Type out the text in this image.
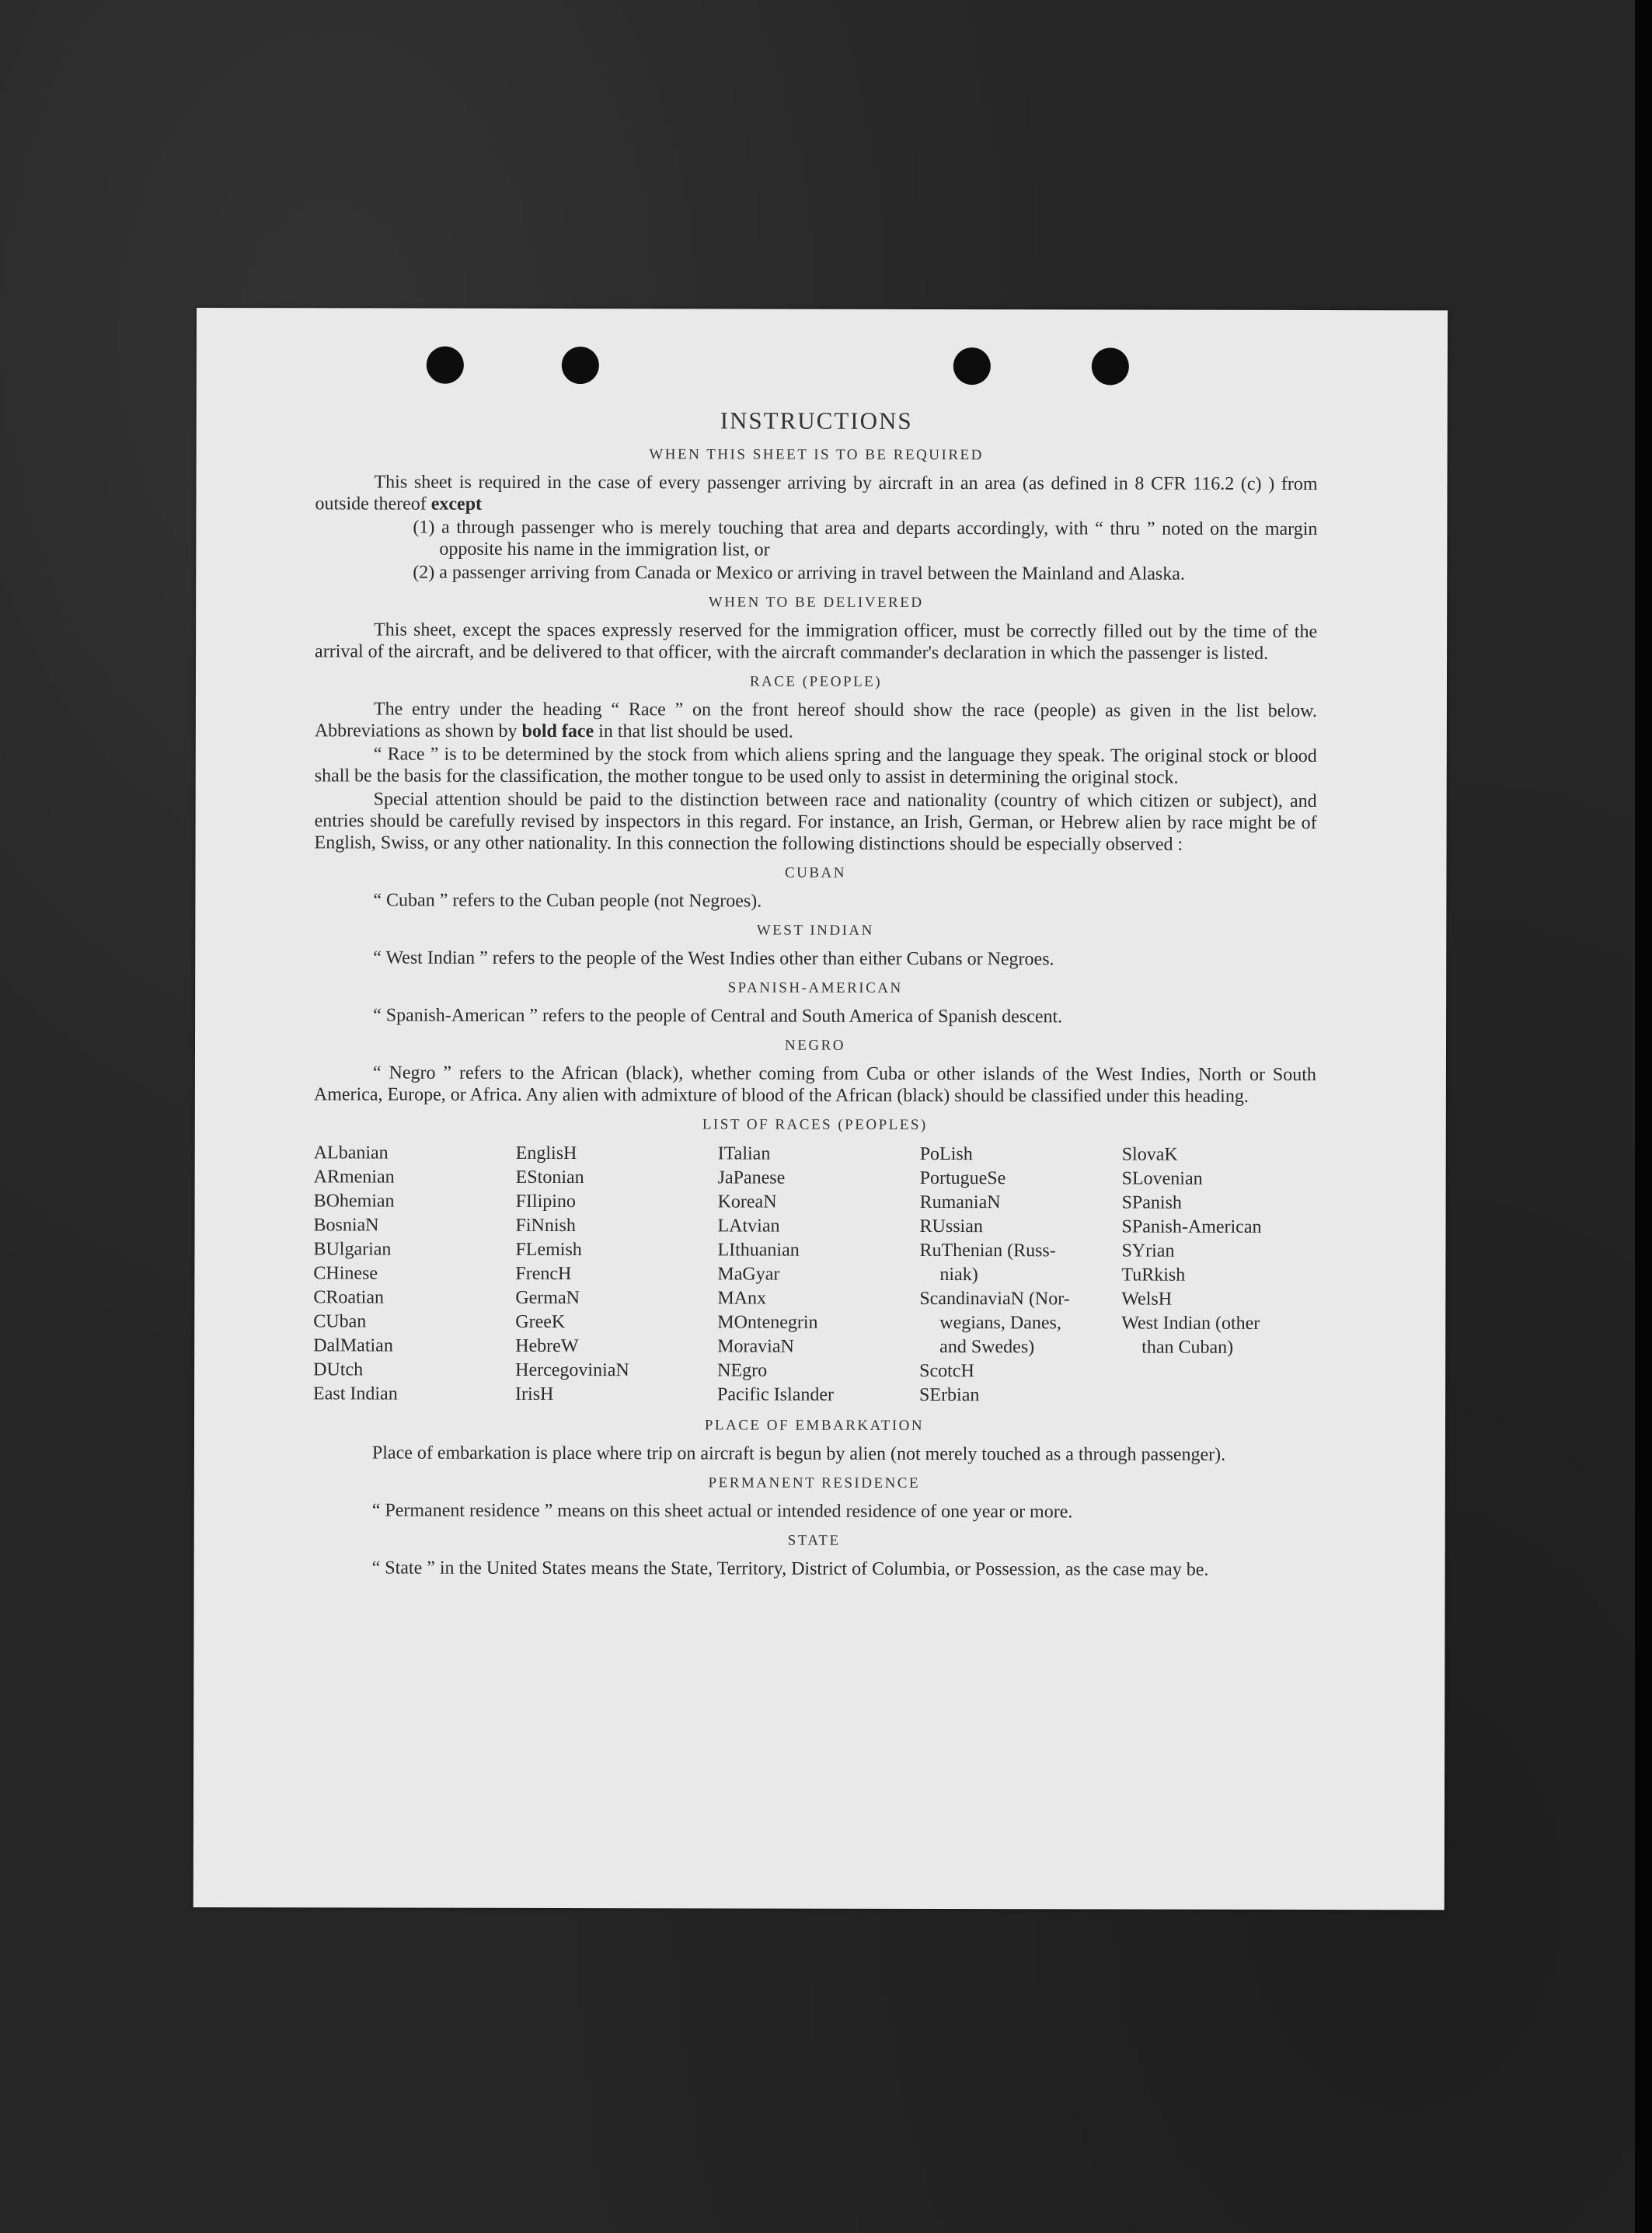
INSTRUCTIONS
WHEN THIS SHEET IS TO BE REQUIRED

This sheet is required in the case of every passenger arriving by aircraft in an area (as defined in 8 CFR 116.2 (c) ) from outside thereof except

(1) a through passenger who is merely touching that area and departs accordingly, with “ thru ” noted on the margin opposite his name in the immigration list, or

(2) a passenger arriving from Canada or Mexico or arriving in travel between the Mainland and Alaska.

WHEN TO BE DELIVERED

This sheet, except the spaces expressly reserved for the immigration officer, must be correctly filled out by the time of the arrival of the aircraft, and be delivered to that officer, with the aircraft commander's declaration in which the passenger is listed.

RACE (PEOPLE)

The entry under the heading “ Race ” on the front hereof should show the race (people) as given in the list below. Abbreviations as shown by bold face in that list should be used.

“ Race ” is to be determined by the stock from which aliens spring and the language they speak. The original stock or blood shall be the basis for the classification, the mother tongue to be used only to assist in determining the original stock.

Special attention should be paid to the distinction between race and nationality (country of which citizen or subject), and entries should be carefully revised by inspectors in this regard. For instance, an Irish, German, or Hebrew alien by race might be of English, Swiss, or any other nationality. In this connection the following distinctions should be especially observed :

CUBAN

“ Cuban ” refers to the Cuban people (not Negroes).

WEST INDIAN

“ West Indian ” refers to the people of the West Indies other than either Cubans or Negroes.

SPANISH-AMERICAN

“ Spanish-American ” refers to the people of Central and South America of Spanish descent.

NEGRO

“ Negro ” refers to the African (black), whether coming from Cuba or other islands of the West Indies, North or South America, Europe, or Africa. Any alien with admixture of blood of the African (black) should be classified under this heading.

LIST OF RACES (PEOPLES)
ALbanian
ARmenian
BOhemian
BosniaN
BUlgarian
CHinese
CRoatian
CUban
DalMatian
DUtch
East Indian
EnglisH
EStonian
FIlipino
FiNnish
FLemish
FrencH
GermaN
GreeK
HebreW
HercegoviniaN
IrisH
ITalian
JaPanese
KoreaN
LAtvian
LIthuanian
MaGyar
MAnx
MOntenegrin
MoraviaN
NEgro
Pacific Islander
PoLish
PortugueSe
RumaniaN
RUssian
RuThenian (Russ-
niak)
ScandinaviaN (Nor-
wegians, Danes,
and Swedes)
ScotcH
SErbian
SlovaK
SLovenian
SPanish
SPanish-American
SYrian
TuRkish
WelsH
West Indian (other
than Cuban)
PLACE OF EMBARKATION

Place of embarkation is place where trip on aircraft is begun by alien (not merely touched as a through passenger).

PERMANENT RESIDENCE

“ Permanent residence ” means on this sheet actual or intended residence of one year or more.

STATE

“ State ” in the United States means the State, Territory, District of Columbia, or Possession, as the case may be.
